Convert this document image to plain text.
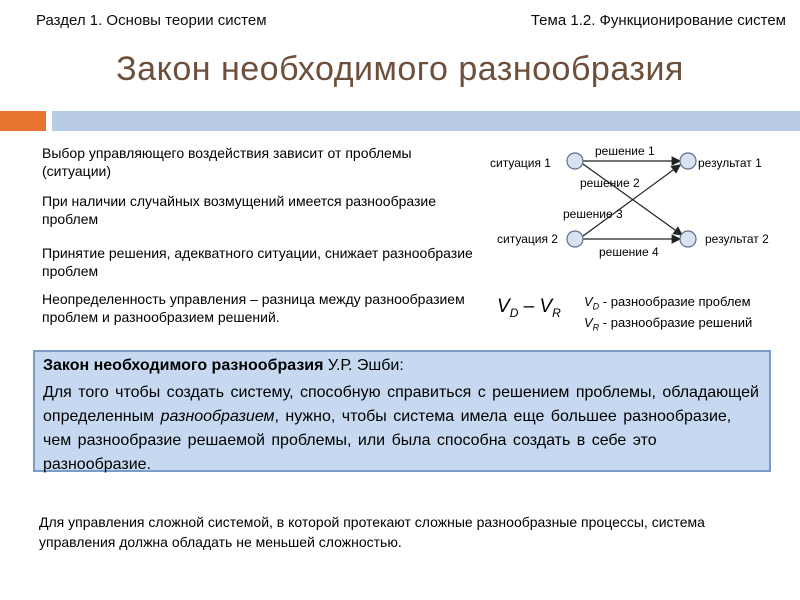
Раздел 1. Основы теории систем	Тема 1.2. Функционирование систем
Закон необходимого разнообразия
Выбор управляющего воздействия зависит от проблемы (ситуации)
При наличии случайных возмущений имеется разнообразие проблем
Принятие решения, адекватного ситуации, снижает разнообразие проблем
Неопределенность управления – разница между разнообразием проблем и разнообразием решений.
ситуация 1
ситуация 2
результат 1
результат 2
решение 1
решение 2
решение 3
решение 4
$V_D - V_R$
$V_D$ - разнообразие проблем
$V_R$ - разнообразие решений
Закон необходимого разнообразия У.Р. Эшби:
Для того чтобы создать систему, способную справиться с решением проблемы, обладающей определенным разнообразием, нужно, чтобы система имела еще большее разнообразие, чем разнообразие решаемой проблемы, или была способна создать в себе это разнообразие.
Для управления сложной системой, в которой протекают сложные разнообразные процессы, система управления должна обладать не меньшей сложностью.
